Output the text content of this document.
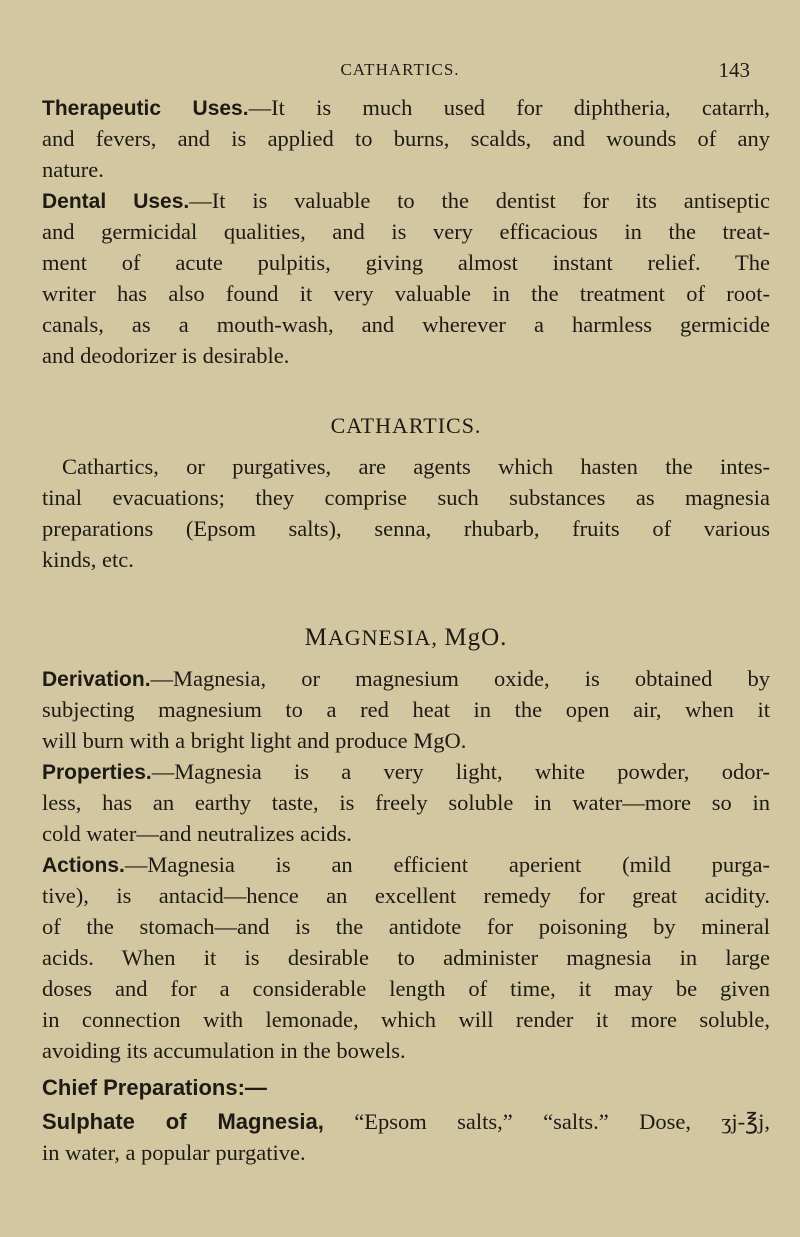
CATHARTICS.	143
Therapeutic Uses.—It is much used for diphtheria, catarrh,
and fevers, and is applied to burns, scalds, and wounds of any
nature.
Dental Uses.—It is valuable to the dentist for its antiseptic
and germicidal qualities, and is very efficacious in the treat-
ment of acute pulpitis, giving almost instant relief. The
writer has also found it very valuable in the treatment of root-
canals, as a mouth-wash, and wherever a harmless germicide
and deodorizer is desirable.
CATHARTICS.
Cathartics, or purgatives, are agents which hasten the intes-
tinal evacuations; they comprise such substances as magnesia
preparations (Epsom salts), senna, rhubarb, fruits of various
kinds, etc.
MAGNESIA, MgO.
Derivation.—Magnesia, or magnesium oxide, is obtained by
subjecting magnesium to a red heat in the open air, when it
will burn with a bright light and produce MgO.
Properties.—Magnesia is a very light, white powder, odor-
less, has an earthy taste, is freely soluble in water—more so in
cold water—and neutralizes acids.
Actions.—Magnesia is an efficient aperient (mild purga-
tive), is antacid—hence an excellent remedy for great acidity.
of the stomach—and is the antidote for poisoning by mineral
acids. When it is desirable to administer magnesia in large
doses and for a considerable length of time, it may be given
in connection with lemonade, which will render it more soluble,
avoiding its accumulation in the bowels.
Chief Preparations:—
Sulphate of Magnesia, “Epsom salts,” “salts.” Dose, ʒj-℥j,
in water, a popular purgative.
